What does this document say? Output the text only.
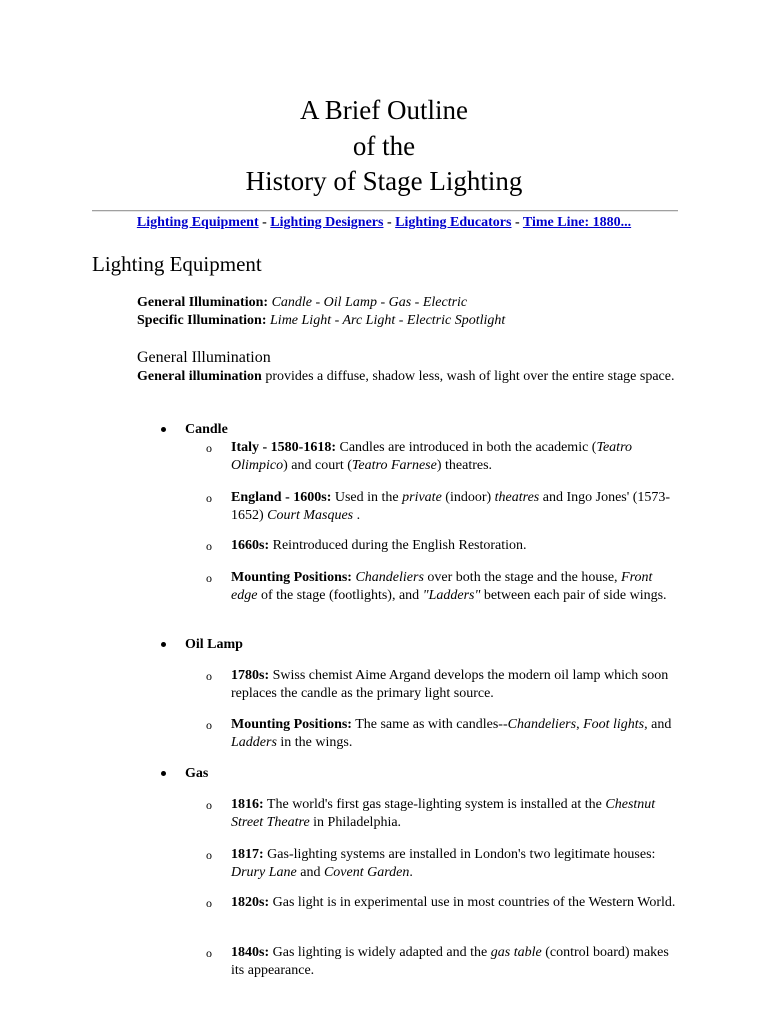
A Brief Outline
of the
History of Stage Lighting
Lighting Equipment - Lighting Designers - Lighting Educators - Time Line: 1880...
Lighting Equipment
General Illumination: Candle - Oil Lamp - Gas - Electric
Specific Illumination: Lime Light - Arc Light - Electric Spotlight
General Illumination
General illumination provides a diffuse, shadow less, wash of light over the entire stage space.
Candle
o Italy - 1580-1618: Candles are introduced in both the academic (Teatro Olimpico) and court (Teatro Farnese) theatres.
o England - 1600s: Used in the private (indoor) theatres and Ingo Jones' (1573-1652) Court Masques .
o 1660s: Reintroduced during the English Restoration.
o Mounting Positions: Chandeliers over both the stage and the house, Front edge of the stage (footlights), and "Ladders" between each pair of side wings.
Oil Lamp
o 1780s: Swiss chemist Aime Argand develops the modern oil lamp which soon replaces the candle as the primary light source.
o Mounting Positions: The same as with candles--Chandeliers, Foot lights, and Ladders in the wings.
Gas
o 1816: The world's first gas stage-lighting system is installed at the Chestnut Street Theatre in Philadelphia.
o 1817: Gas-lighting systems are installed in London's two legitimate houses: Drury Lane and Covent Garden.
o 1820s: Gas light is in experimental use in most countries of the Western World.
o 1840s: Gas lighting is widely adapted and the gas table (control board) makes its appearance.
